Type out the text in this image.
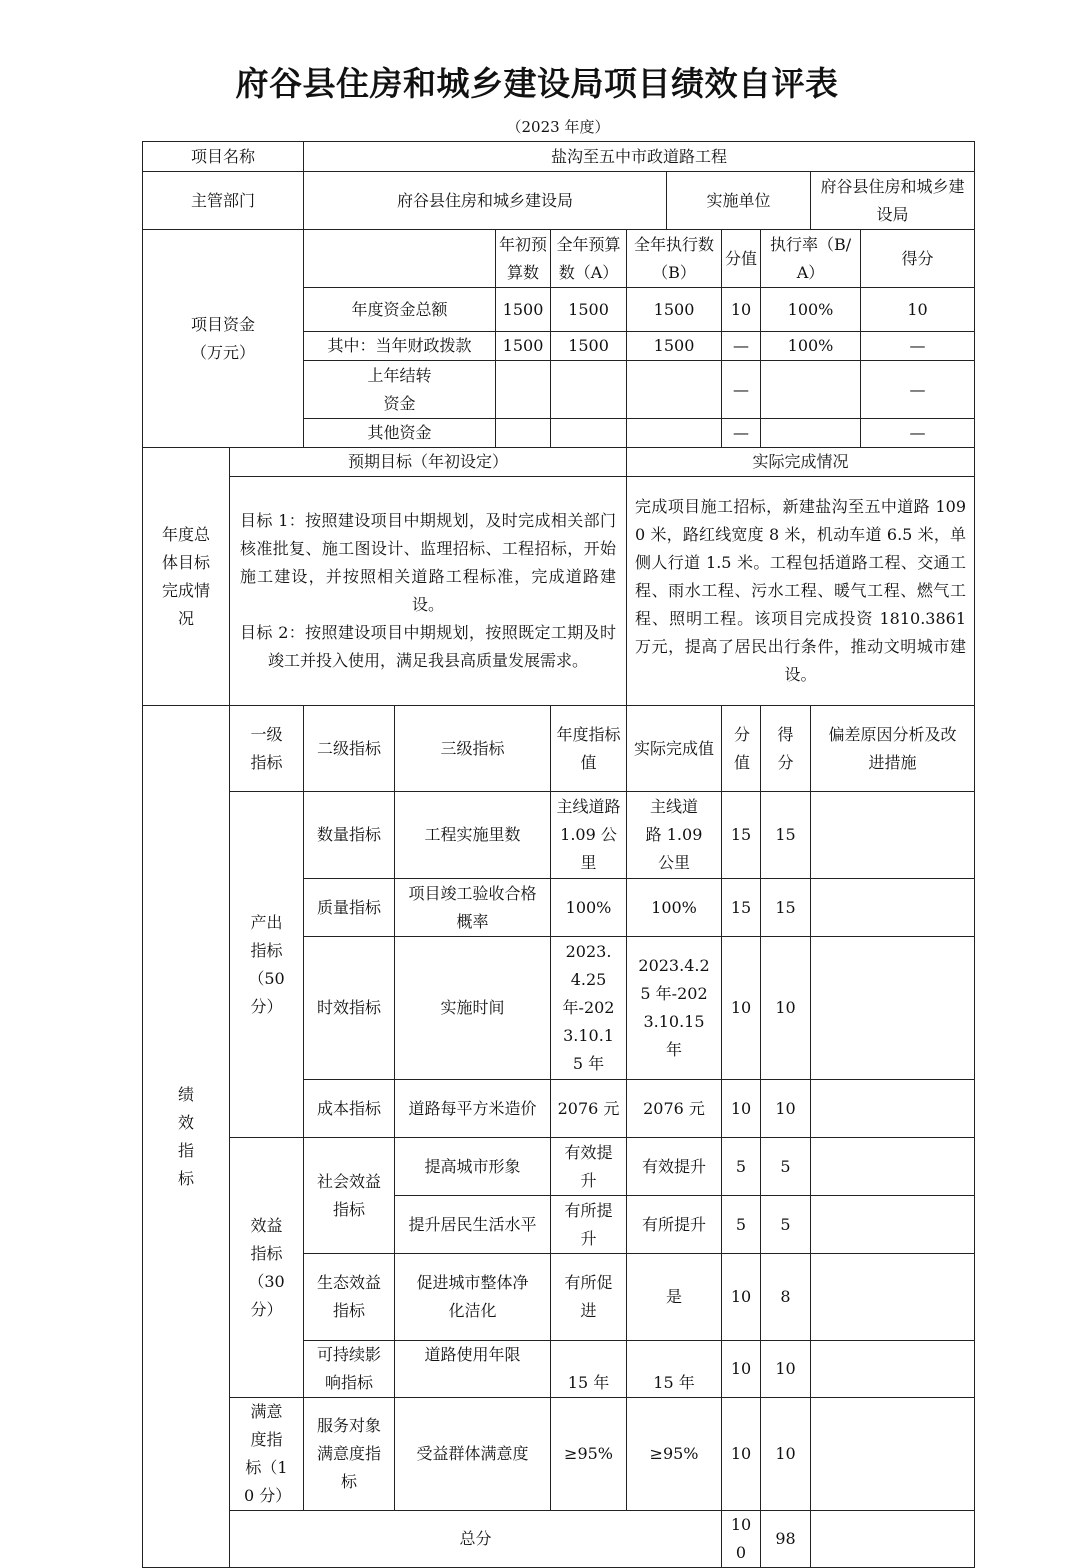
府谷县住房和城乡建设局项目绩效自评表
（2023 年度）
项目名称		盐沟至五中市政道路工程									
主管部门		府谷县住房和城乡建设局					实施单位			府谷县住房和城乡建设局	

项目资金
（万元）				年初预算数	全年预算数（A）	全年执行数（B）		分值	执行率（B/A）		得分
		年度资金总额		1500	1500	1500		10	100%		10
		其中：当年财政拨款		1500	1500	1500		—	100%		—
		上年结转资金						—			—
		其他资金						—			—
年度总体目标完成情况	预期目标（年初设定）					实际完成情况					

	目标 1：按照建设项目中期规划，及时完成相关部门核准批复、施工图设计、监理招标、工程招标，开始施工建设，并按照相关道路工程标准，完成道路建设。
目标 2：按照建设项目中期规划，按照既定工期及时竣工并投入使用，满足我县高质量发展需求。					完成项目施工招标，新建盐沟至五中道路 1090 米，路红线宽度 8 米，机动车道 6.5 米，单侧人行道 1.5 米。工程包括道路工程、交通工程、雨水工程、污水工程、暖气工程、燃气工程、照明工程。该项目完成投资 1810.3861 万元，提高了居民出行条件，推动文明城市建设。					
绩效指标	一级指标	二级指标	三级指标		年度指标值	实际完成值		分值	得分	偏差原因分析及改进措施	
	产出指标（50 分）	数量指标	工程实施里数		主线道路 1.09 公里	主线道路 1.09 公里		15	15		
		质量指标	项目竣工验收合格概率		100%	100%		15	15		
		时效指标	实施时间		2023.4.25 年-2023.10.15 年	2023.4.25 年-2023.10.15 年		10	10		
		成本指标	道路每平方米造价		2076 元	2076 元		10	10		
	效益指标（30 分）	社会效益指标	提高城市形象		有效提升	有效提升		5	5		
			提升居民生活水平		有所提升	有所提升		5	5		
		生态效益指标	促进城市整体净化洁化		有所促进	是		10	8		
		可持续影响指标	道路使用年限		15 年	15 年		10	10		
	满意度指标（10 分）	服务对象满意度指标	受益群体满意度		≥95%	≥95%		10	10		
	总分							100	98		
